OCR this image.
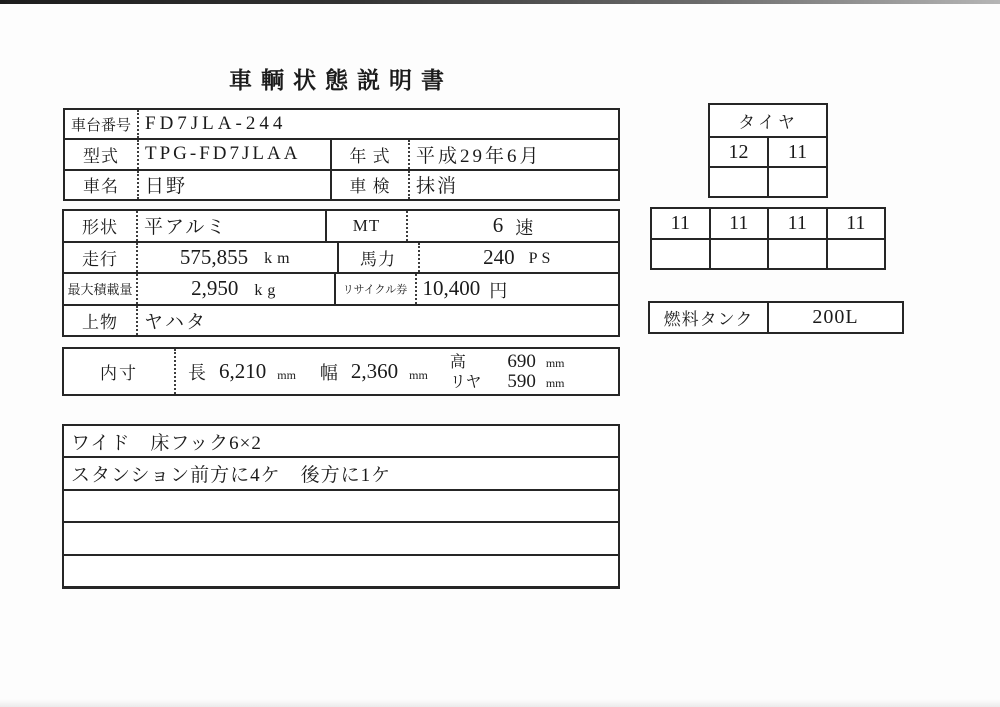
車輌状態説明書
車台番号 FD7JLA-244
型式	TPG-FD7JLAA	年 式	平成29年6月
車名	日野	車 検	抹消
形状	平アルミ	MT	6 速
走行	575,855 km	馬力	240 PS
最大積載量	2,950 kg	リサイクル券 10,400 円
上物	ヤハタ
内寸	長 6,210 mm 幅 2,360 mm
高	690 mm
リヤ	590 mm
ワイド　床フック6×2
スタンション前方に4ケ　後方に1ケ
タイヤ
12	11
11	11	11	11
燃料タンク	200L
